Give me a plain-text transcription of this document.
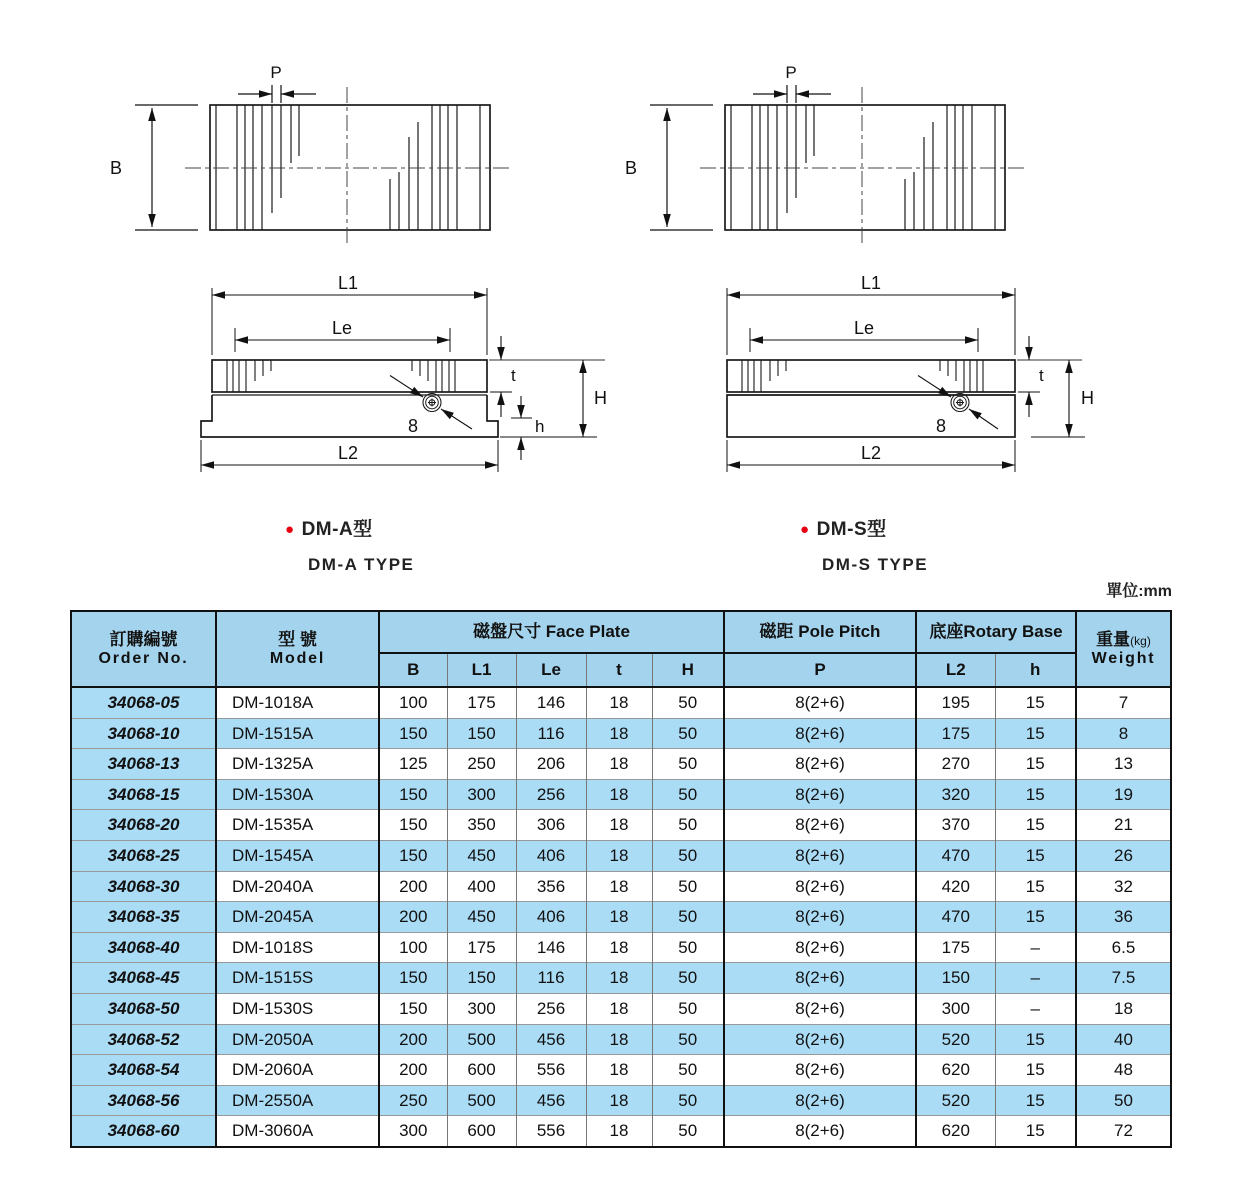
B
P
L1
Le
8
t
h
H
L2
B
P
L1
Le
8
t
H
L2
● DM-A型
DM-A TYPE
● DM-S型
DM-S TYPE
單位:mm
訂購編號
Order No.

型 號
Model
	磁盤尺寸 Face Plate	磁距 Pole Pitch	底座Rotary Base	重量(kg)
Weight

		B	L1	Le	t	H	P	L2	h	
34068-05	DM-1018A	100	175	146	18	50	8(2+6)	195	15	7
34068-10	DM-1515A	150	150	116	18	50	8(2+6)	175	15	8
34068-13	DM-1325A	125	250	206	18	50	8(2+6)	270	15	13
34068-15	DM-1530A	150	300	256	18	50	8(2+6)	320	15	19
34068-20	DM-1535A	150	350	306	18	50	8(2+6)	370	15	21
34068-25	DM-1545A	150	450	406	18	50	8(2+6)	470	15	26
34068-30	DM-2040A	200	400	356	18	50	8(2+6)	420	15	32
34068-35	DM-2045A	200	450	406	18	50	8(2+6)	470	15	36
34068-40	DM-1018S	100	175	146	18	50	8(2+6)	175	–	6.5
34068-45	DM-1515S	150	150	116	18	50	8(2+6)	150	–	7.5
34068-50	DM-1530S	150	300	256	18	50	8(2+6)	300	–	18
34068-52	DM-2050A	200	500	456	18	50	8(2+6)	520	15	40
34068-54	DM-2060A	200	600	556	18	50	8(2+6)	620	15	48
34068-56	DM-2550A	250	500	456	18	50	8(2+6)	520	15	50
34068-60	DM-3060A	300	600	556	18	50	8(2+6)	620	15	72
